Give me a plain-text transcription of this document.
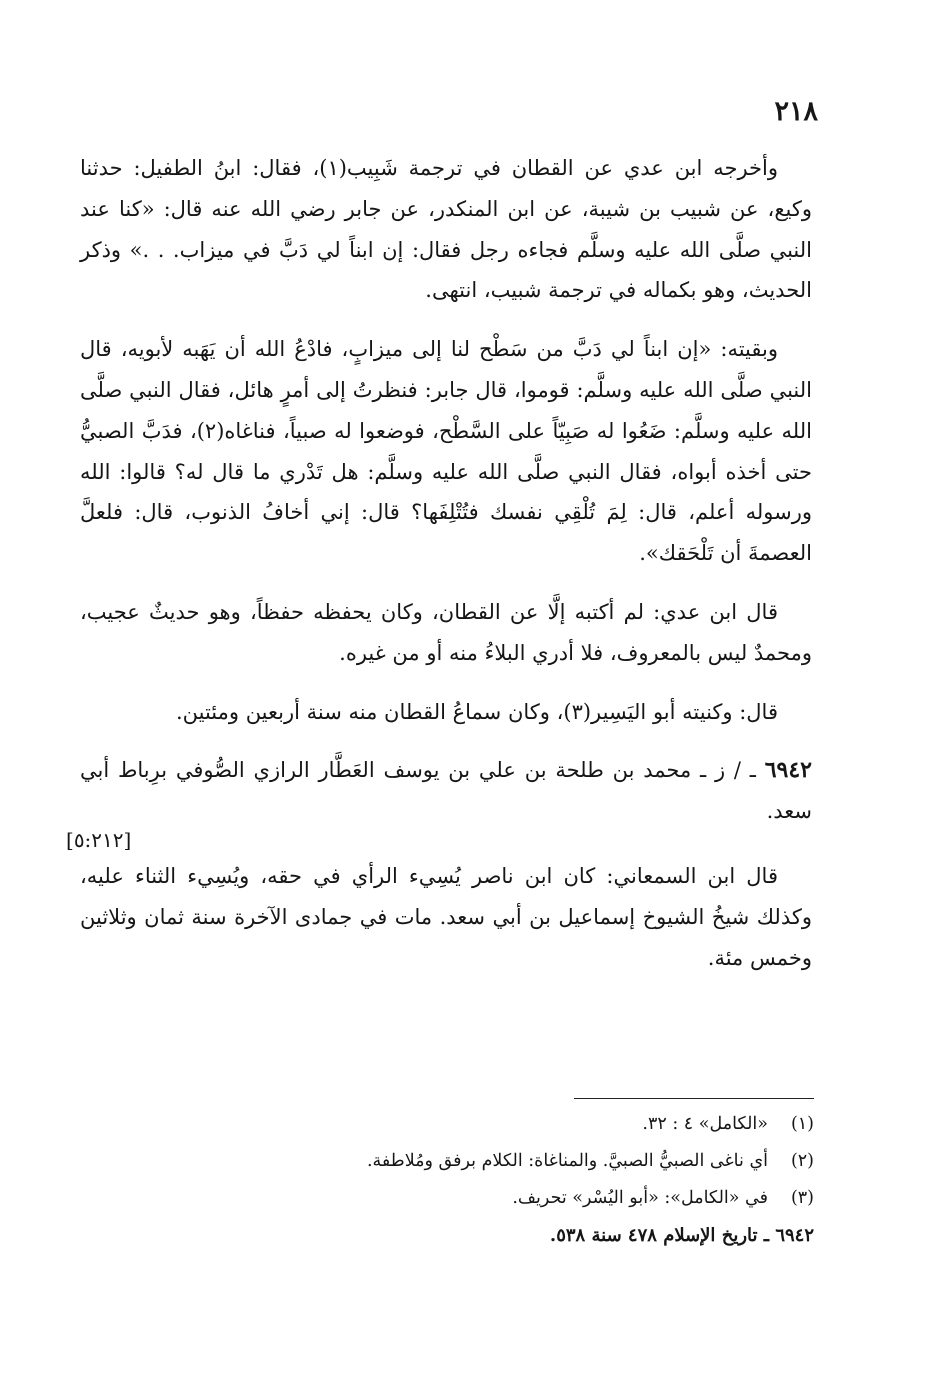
٢١٨

وأخرجه ابن عدي عن القطان في ترجمة شَبِيب(١)، فقال: ابنُ الطفيل: حدثنا وكيع، عن شبيب بن شيبة، عن ابن المنكدر، عن جابر رضي الله عنه قال: «كنا عند النبي صلَّى الله عليه وسلَّم فجاءه رجل فقال: إن ابناً لي دَبَّ في ميزاب. . .» وذكر الحديث، وهو بكماله في ترجمة شبيب، انتهى.

وبقيته: «إن ابناً لي دَبَّ من سَطْح لنا إلى ميزابٍ، فادْعُ الله أن يَهَبه لأبويه، قال النبي صلَّى الله عليه وسلَّم: قوموا، قال جابر: فنظرتُ إلى أمرٍ هائل، فقال النبي صلَّى الله عليه وسلَّم: ضَعُوا له صَبِيّاً على السَّطْح، فوضعوا له صبياً، فناغاه(٢)، فدَبَّ الصبيُّ حتى أخذه أبواه، فقال النبي صلَّى الله عليه وسلَّم: هل تَدْري ما قال له؟ قالوا: الله ورسوله أعلم، قال: لِمَ تُلْقِي نفسك فتُتْلِفَها؟ قال: إني أخافُ الذنوب، قال: فلعلَّ العصمةَ أن تَلْحَقك».

قال ابن عدي: لم أكتبه إلَّا عن القطان، وكان يحفظه حفظاً، وهو حديثٌ عجيب، ومحمدٌ ليس بالمعروف، فلا أدري البلاءُ منه أو من غيره.

قال: وكنيته أبو اليَسِير(٣)، وكان سماعُ القطان منه سنة أربعين ومئتين.

٦٩٤٢ ـ / ز ـ محمد بن طلحة بن علي بن يوسف العَطَّار الرازي الصُّوفي برِباط أبي سعد.

قال ابن السمعاني: كان ابن ناصر يُسِيء الرأي في حقه، ويُسِيء الثناء عليه، وكذلك شيخُ الشيوخ إسماعيل بن أبي سعد. مات في جمادى الآخرة سنة ثمان وثلاثين وخمس مئة.

[٥:٢١٢]

(١)«الكامل» ٤ : ٣٢.

(٢)أي ناغى الصبيُّ الصبيَّ. والمناغاة: الكلام برفق ومُلاطفة.

(٣)في «الكامل»: «أبو اليُسْر» تحريف.

٦٩٤٢ ـ تاريخ الإسلام ٤٧٨ سنة ٥٣٨.
